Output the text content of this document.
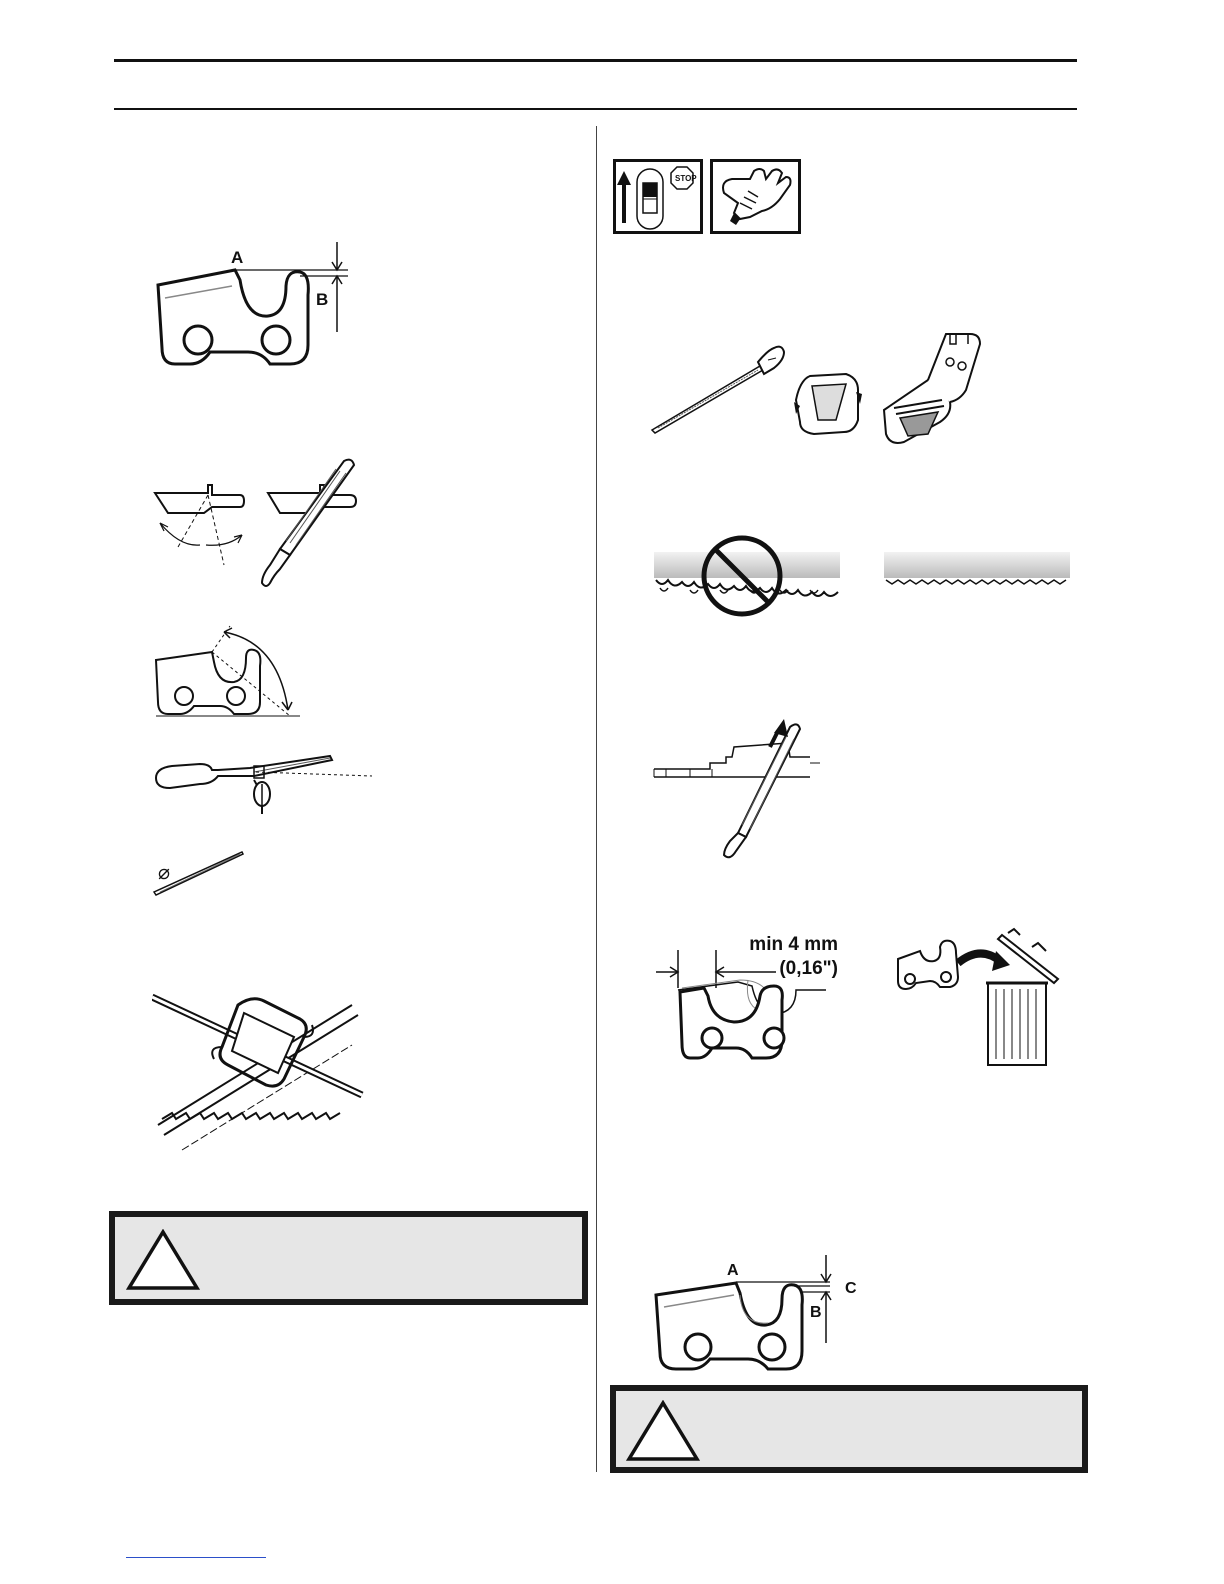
A
B
⌀
STOP
min 4 mm
(0,16")
A
B
C
